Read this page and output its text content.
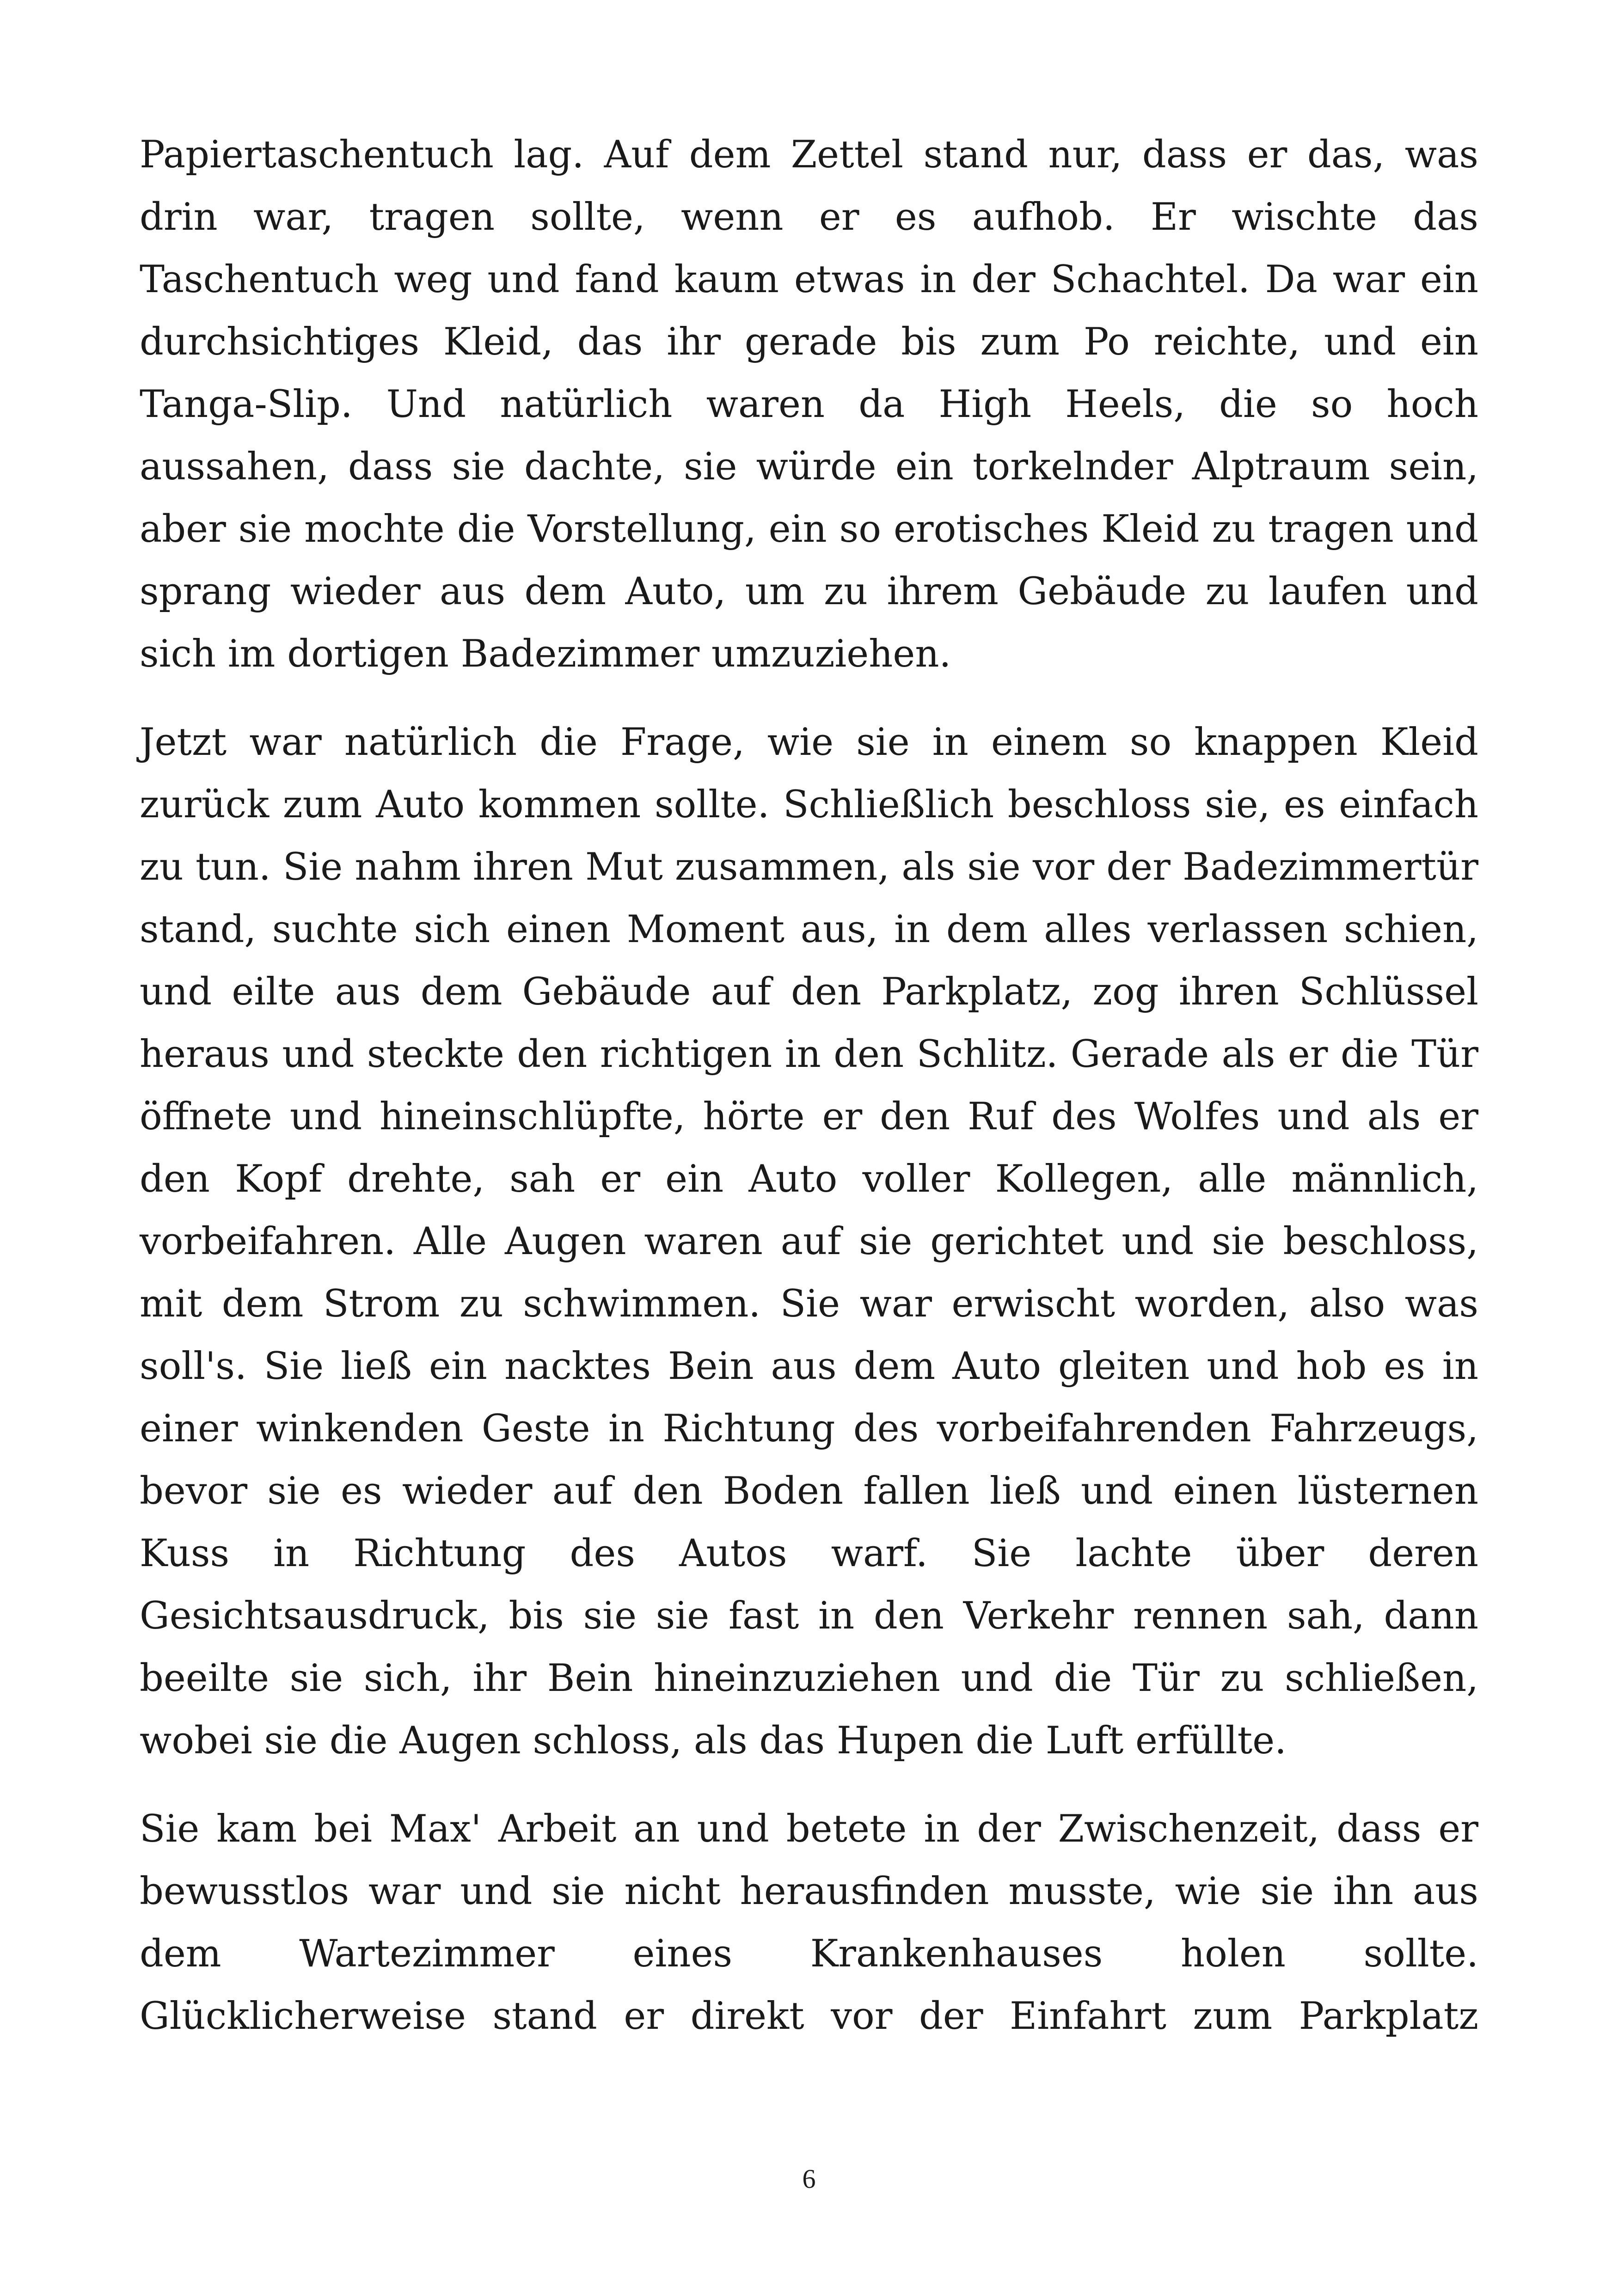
Papiertaschentuch lag. Auf dem Zettel stand nur, dass er das, was drin war, tragen sollte, wenn er es aufhob. Er wischte das Taschentuch weg und fand kaum etwas in der Schachtel. Da war ein durchsichtiges Kleid, das ihr gerade bis zum Po reichte, und ein Tanga-Slip. Und natürlich waren da High Heels, die so hoch aussahen, dass sie dachte, sie würde ein torkelnder Alptraum sein, aber sie mochte die Vorstellung, ein so erotisches Kleid zu tragen und sprang wieder aus dem Auto, um zu ihrem Gebäude zu laufen und sich im dortigen Badezimmer umzuziehen.

Jetzt war natürlich die Frage, wie sie in einem so knappen Kleid zurück zum Auto kommen sollte. Schließlich beschloss sie, es einfach zu tun. Sie nahm ihren Mut zusammen, als sie vor der Badezimmertür stand, suchte sich einen Moment aus, in dem alles verlassen schien, und eilte aus dem Gebäude auf den Parkplatz, zog ihren Schlüssel heraus und steckte den richtigen in den Schlitz. Gerade als er die Tür öffnete und hineinschlüpfte, hörte er den Ruf des Wolfes und als er den Kopf drehte, sah er ein Auto voller Kollegen, alle männlich, vorbeifahren. Alle Augen waren auf sie gerichtet und sie beschloss, mit dem Strom zu schwimmen. Sie war erwischt worden, also was soll's. Sie ließ ein nacktes Bein aus dem Auto gleiten und hob es in einer winkenden Geste in Richtung des vorbeifahrenden Fahrzeugs, bevor sie es wieder auf den Boden fallen ließ und einen lüsternen Kuss in Richtung des Autos warf. Sie lachte über deren Gesichtsausdruck, bis sie sie fast in den Verkehr rennen sah, dann beeilte sie sich, ihr Bein hineinzuziehen und die Tür zu schließen, wobei sie die Augen schloss, als das Hupen die Luft erfüllte.

Sie kam bei Max' Arbeit an und betete in der Zwischenzeit, dass er bewusstlos war und sie nicht herausfinden musste, wie sie ihn aus dem Wartezimmer eines Krankenhauses holen sollte. Glücklicherweise stand er direkt vor der Einfahrt zum Parkplatz

6
